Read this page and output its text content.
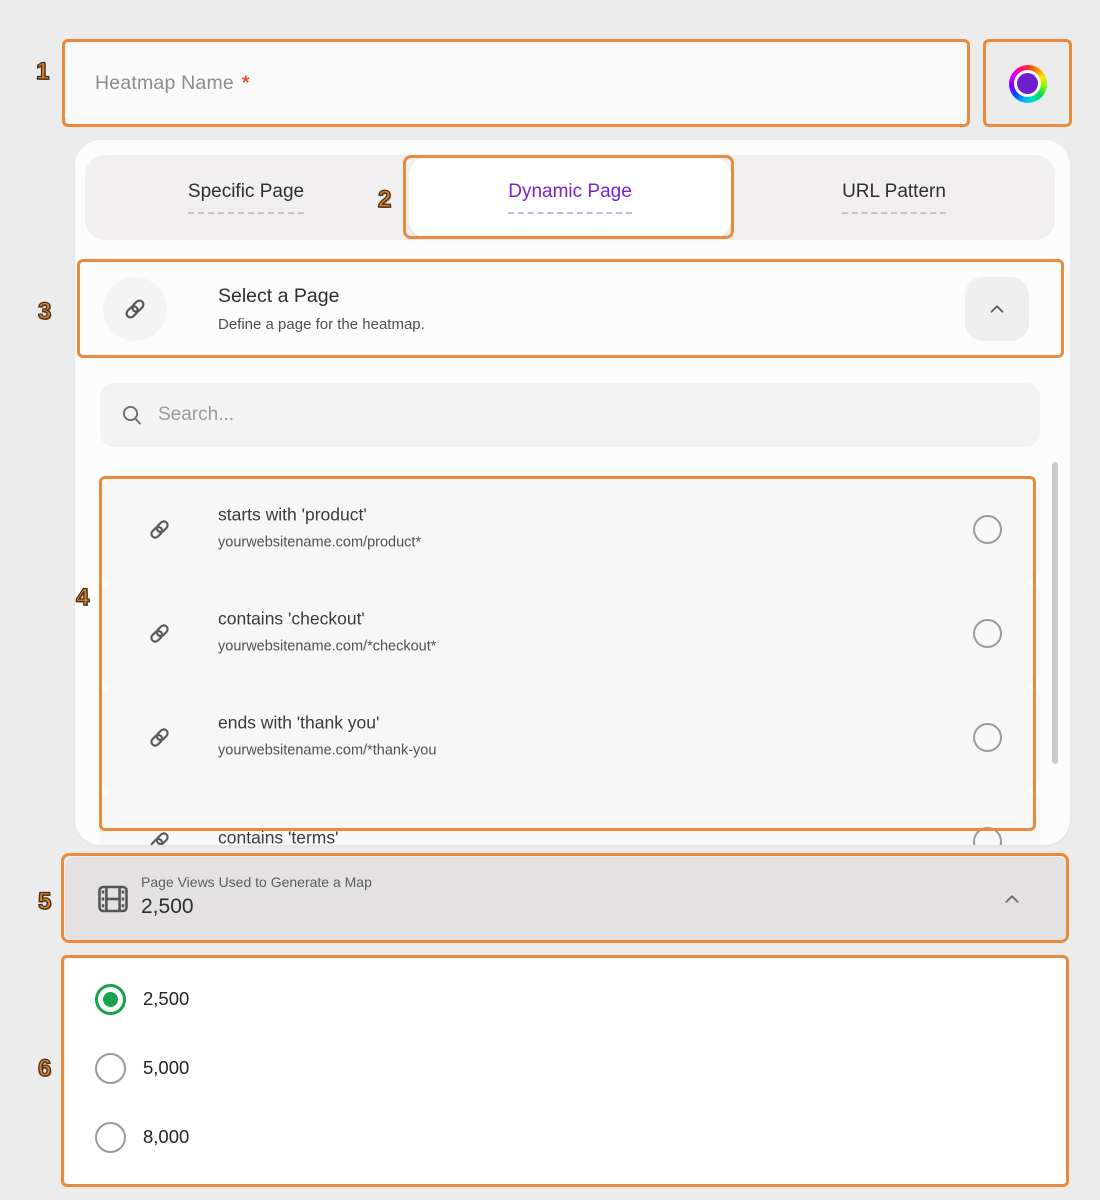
Heatmap Name *
Specific Page	Dynamic Page	URL Pattern
Select a Page
Define a page for the heatmap.
Search...
starts with 'product'
yourwebsitename.com/product*
contains 'checkout'
yourwebsitename.com/*checkout*
ends with 'thank you'
yourwebsitename.com/*thank-you
contains 'terms'
Page Views Used to Generate a Map
2,500
2,500
5,000
8,000
1
2
3
4
5
6
